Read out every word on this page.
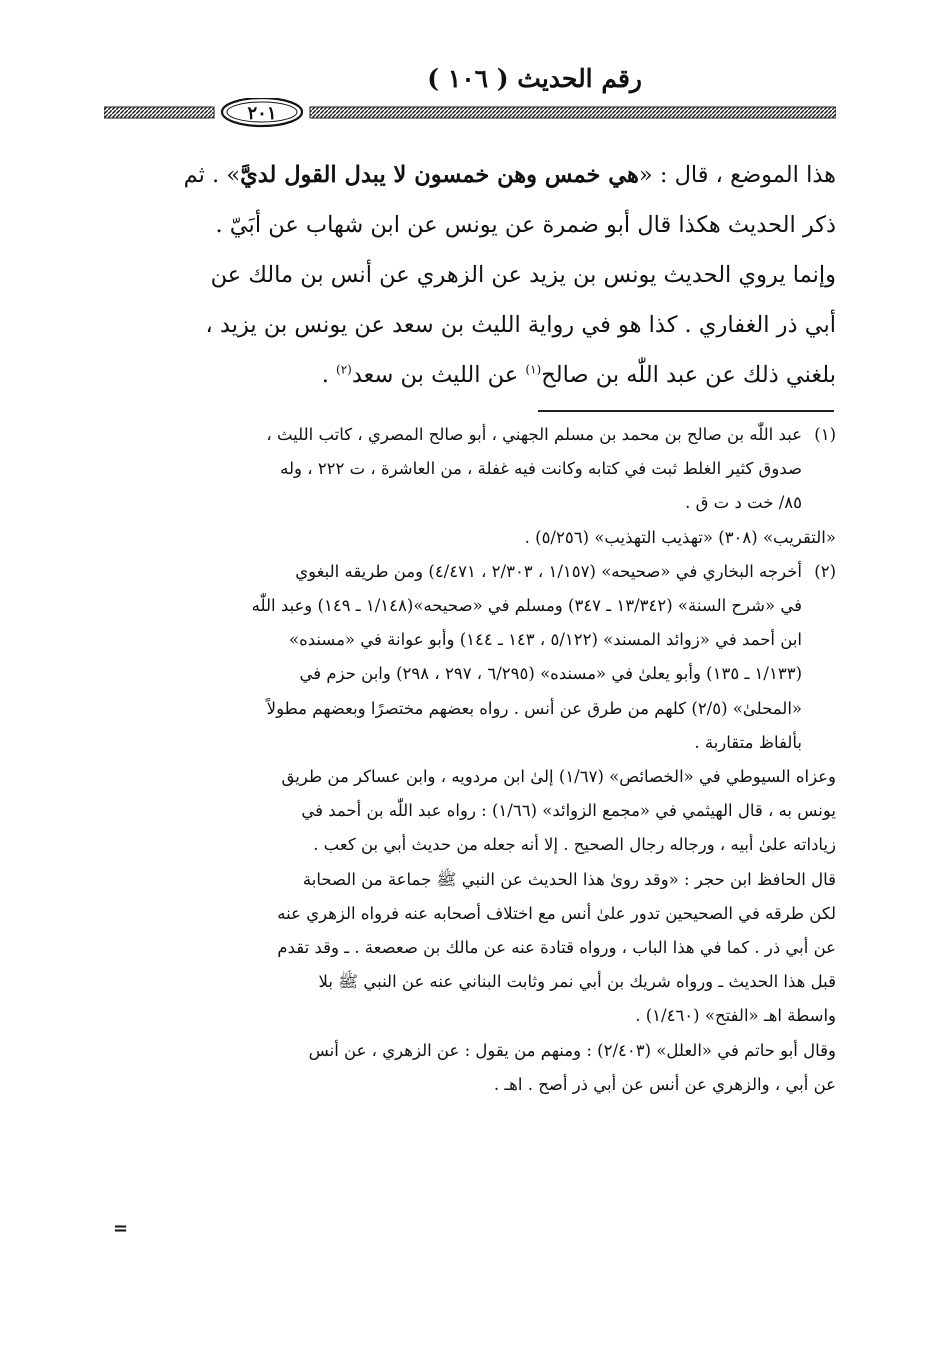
رقم الحديث ( ١٠٦ )
٢٠١

هذا الموضع ، قال : «هي خمس وهن خمسون لا يبدل القول لديَّ» . ثم

ذكر الحديث هكذا قال أبو ضمرة عن يونس عن ابن شهاب عن أبَيّ .

وإنما يروي الحديث يونس بن يزيد عن الزهري عن أنس بن مالك عن

أبي ذر الغفاري . كذا هو في رواية الليث بن سعد عن يونس بن يزيد ،

بلغني ذلك عن عبد اللّٰه بن صالح$^{(١)}$ عن الليث بن سعد$^{(٢)}$ .

(١)عبد اللّٰه بن صالح بن محمد بن مسلم الجهني ، أبو صالح المصري ، كاتب الليث ،

صدوق كثير الغلط ثبت في كتابه وكانت فيه غفلة ، من العاشرة ، ت ٢٢٢ ، وله

٨٥/ خت د ت ق .

«التقريب» (٣٠٨) «تهذيب التهذيب» (٥/٢٥٦) .

(٢)أخرجه البخاري في «صحيحه» (١/١٥٧ ، ٢/٣٠٣ ، ٤/٤٧١) ومن طريقه البغوي

في «شرح السنة» (١٣/٣٤٢ ـ ٣٤٧) ومسلم في «صحيحه»(١/١٤٨ ـ ١٤٩) وعبد اللّٰه

ابن أحمد في «زوائد المسند» (٥/١٢٢ ، ١٤٣ ـ ١٤٤) وأبو عوانة في «مسنده»

(١/١٣٣ ـ ١٣٥) وأبو يعلىٰ في «مسنده» (٦/٢٩٥ ، ٢٩٧ ، ٢٩٨) وابن حزم في

«المحلىٰ» (٢/٥) كلهم من طرق عن أنس . رواه بعضهم مختصرًا وبعضهم مطولاً

بألفاظ متقاربة .

وعزاه السيوطي في «الخصائص» (١/٦٧) إلىٰ ابن مردويه ، وابن عساكر من طريق

يونس به ، قال الهيثمي في «مجمع الزوائد» (١/٦٦) : رواه عبد اللّٰه بن أحمد في

زياداته علىٰ أبيه ، ورجاله رجال الصحيح . إلا أنه جعله من حديث أبي بن كعب .

قال الحافظ ابن حجر : «وقد روىٰ هذا الحديث عن النبي ﷺ جماعة من الصحابة

لكن طرقه في الصحيحين تدور علىٰ أنس مع اختلاف أصحابه عنه فرواه الزهري عنه

عن أبي ذر . كما في هذا الباب ، ورواه قتادة عنه عن مالك بن صعصعة . ـ وقد تقدم

قبل هذا الحديث ـ ورواه شريك بن أبي نمر وثابت البناني عنه عن النبي ﷺ بلا

واسطة اهـ «الفتح» (١/٤٦٠) .

وقال أبو حاتم في «العلل» (٢/٤٠٣) : ومنهم من يقول : عن الزهري ، عن أنس

عن أبي ، والزهري عن أنس عن أبي ذر أصح . اهـ .

=
